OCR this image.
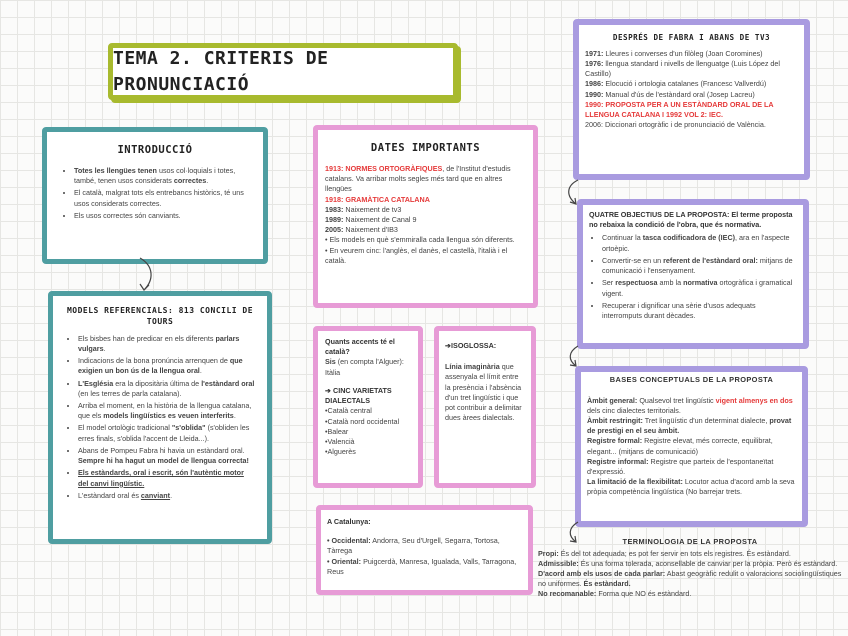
TEMA 2. CRITERIS DE PRONUNCIACIÓ
INTRODUCCIÓ
• Totes les llengües tenen usos col·loquials i totes, també, tenen usos considerats correctes.
• El català, malgrat tots els entrebancs històrics, té uns usos considerats correctes.
• Els usos correctes són canviants.
MODELS REFERENCIALS: 813 CONCILI DE TOURS
• Els bisbes han de predicar en els diferents parlars vulgars.
• Indicacions de la bona pronúncia arrenquen de que exigien un bon ús de la llengua oral.
• L'Església era la dipositària última de l'estàndard oral (en les terres de parla catalana).
• Arriba el moment, en la història de la llengua catalana, que els models lingüístics es veuen interferits.
• El model ortològic tradicional "s'oblida" (s'obliden les erres finals, s'oblida l'accent de Lleida...).
• Abans de Pompeu Fabra hi havia un estàndard oral. Sempre hi ha hagut un model de llengua correcta!
• Els estàndards, oral i escrit, són l'autèntic motor del canvi lingüístic.
• L'estàndard oral és canviant.
DATES IMPORTANTS

1913: NORMES ORTOGRÀFIQUES, de l'Institut d'estudis catalans. Va arribar molts segles més tard que en altres llengües

1918: GRAMÀTICA CATALANA

1983: Naixement de tv3

1989: Naixement de Canal 9

2005: Naixement d'IB3

• Els models en què s'emmiralla cada llengua són diferents.

• En veurem cinc: l'anglès, el danès, el castellà, l'italià i el català.

Quants accents té el català?

Sis (en compta l'Alguer): Itàlia

➔ CINC VARIETATS DIALECTALS

•Català central

•Català nord occidental

•Balear

•Valencià

•Alguerès

➔ISOGLOSSA:

Línia imaginària que assenyala el límit entre la presència i l'absència d'un tret lingüístic i que pot contribuir a delimitar dues àrees dialectals.

A Catalunya:

• Occidental: Andorra, Seu d'Urgell, Segarra, Tortosa, Tàrrega

• Oriental: Puigcerdà, Manresa, Igualada, Valls, Tarragona, Reus

DESPRÉS DE FABRA I ABANS DE TV3

1971: Lleures i converses d'un filòleg (Joan Coromines)

1976: llengua standard i nivells de llenguatge (Luis López del Castillo)

1986: Elocució i ortologia catalanes (Francesc Vallverdú)

1990: Manual d'ús de l'estàndard oral (Josep Lacreu)

1990: PROPOSTA PER A UN ESTÀNDARD ORAL DE LA LLENGUA CATALANA I 1992 VOL 2: IEC.

2006: Diccionari ortogràfic i de pronunciació de València.

QUATRE OBJECTIUS DE LA PROPOSTA: El terme proposta no rebaixa la condició de l'obra, que és normativa.

• Continuar la tasca codificadora de (IEC), ara en l'aspecte ortoèpic.
• Convertir-se en un referent de l'estàndard oral: mitjans de comunicació i l'ensenyament.
• Ser respectuosa amb la normativa ortogràfica i gramatical vigent.
• Recuperar i dignificar una sèrie d'usos adequats interromputs durant dècades.
BASES CONCEPTUALS DE LA PROPOSTA

Àmbit general: Qualsevol tret lingüístic vigent almenys en dos dels cinc dialectes territorials.

Àmbit restringit: Tret lingüístic d'un determinat dialecte, provat de prestigi en el seu àmbit.

Registre formal: Registre elevat, més correcte, equilibrat, elegant... (mitjans de comunicació)

Registre informal: Registre que parteix de l'espontaneïtat d'expressió.

La limitació de la flexibilitat: Locutor actua d'acord amb la seva pròpia competència lingüística (No barrejar trets.

TERMINOLOGIA DE LA PROPOSTA

Propi: És del tot adequada; es pot fer servir en tots els registres. És estàndard.

Admissible: És una forma tolerada, aconsellable de canviar per la pròpia. Però és estàndard.

D'acord amb els usos de cada parlar: Abast geogràfic redulit o valoracions sociolingüístiques no uniformes. És estàndard.

No recomanable: Forma que NO és estàndard.
